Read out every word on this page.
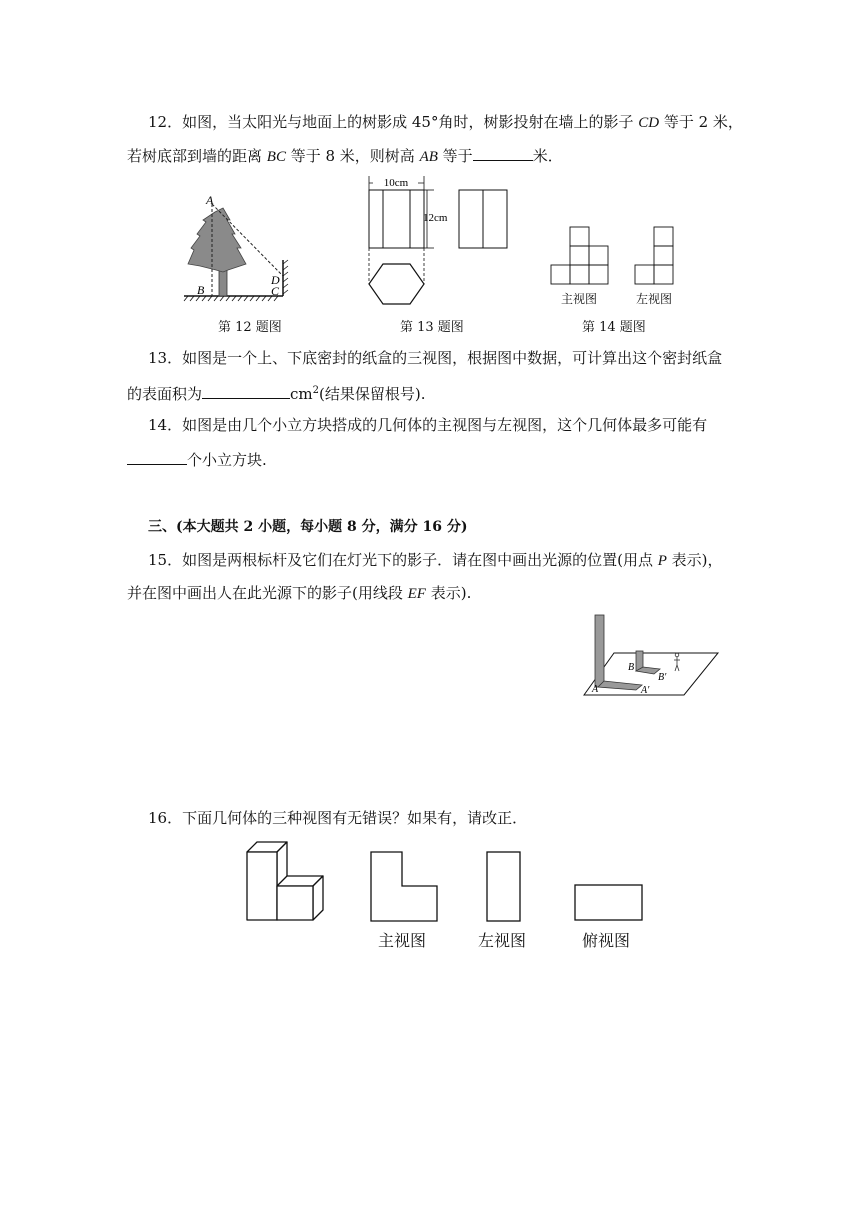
12．如图，当太阳光与地面上的树影成 45°角时，树影投射在墙上的影子 CD 等于 2 米，
若树底部到墙的距离 BC 等于 8 米，则树高 AB 等于	米．
A
B
D
C
10cm
12cm
主视图	左视图
第 12 题图	第 13 题图	第 14 题图
13．如图是一个上、下底密封的纸盒的三视图，根据图中数据，可计算出这个密封纸盒
的表面积为	$cm^2$(结果保留根号).
14．如图是由几个小立方块搭成的几何体的主视图与左视图，这个几何体最多可能有
个小立方块.
三、(本大题共 2 小题，每小题 8 分，满分 16 分)
15．如图是两根标杆及它们在灯光下的影子．请在图中画出光源的位置(用点 P 表示)，
并在图中画出人在此光源下的影子(用线段 EF 表示).
A
B
A′
B′
16．下面几何体的三种视图有无错误？如果有，请改正．
主视图	左视图	俯视图
